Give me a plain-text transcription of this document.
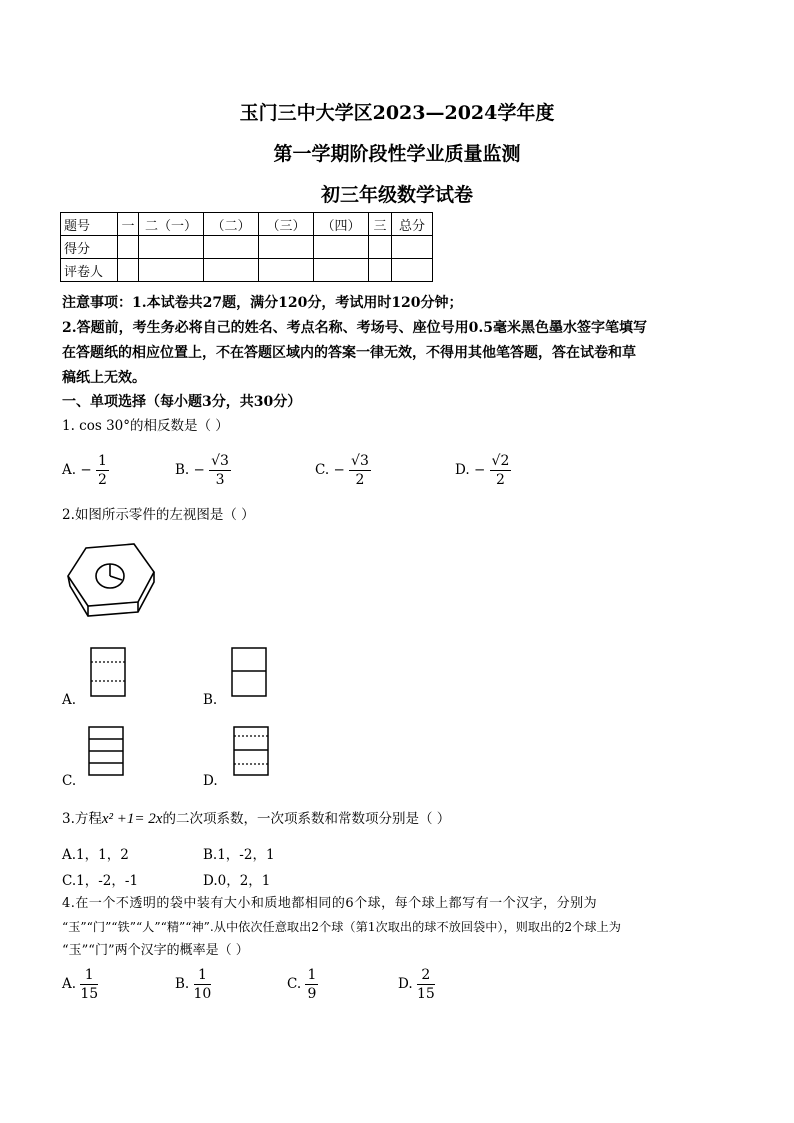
玉门三中大学区2023—2024学年度
第一学期阶段性学业质量监测
初三年级数学试卷
题号	一	二（一）	（二）	（三）	（四）	三	总分
得分							
评卷人							
注意事项：1.本试卷共27题，满分120分，考试用时120分钟；
2.答题前，考生务必将自己的姓名、考点名称、考场号、座位号用0.5毫米黑色墨水签字笔填写
在答题纸的相应位置上，不在答题区域内的答案一律无效，不得用其他笔答题，答在试卷和草
稿纸上无效。
一、单项选择（每小题3分，共30分）
1. cos 30°的相反数是（ ）
A. − $\frac{1}{2}$	B. − $\frac{√3}{3}$	C. − $\frac{√3}{2}$	D. − $\frac{√2}{2}$
2.如图所示零件的左视图是（ ）
A.	B.
C.	D.
3.方程x² +1= 2x的二次项系数，一次项系数和常数项分别是（ ）
A.1，1，2	B.1，-2，1
C.1，-2，-1	D.0，2，1
4.在一个不透明的袋中装有大小和质地都相同的6个球，每个球上都写有一个汉字，分别为
“玉”“门”“铁”“人”“精”“神”.从中依次任意取出2个球（第1次取出的球不放回袋中），则取出的2个球上为
“玉”“门”两个汉字的概率是（ ）
A. $\frac{1}{15}$	B. $\frac{1}{10}$	C. $\frac{1}{9}$	D. $\frac{2}{15}$
